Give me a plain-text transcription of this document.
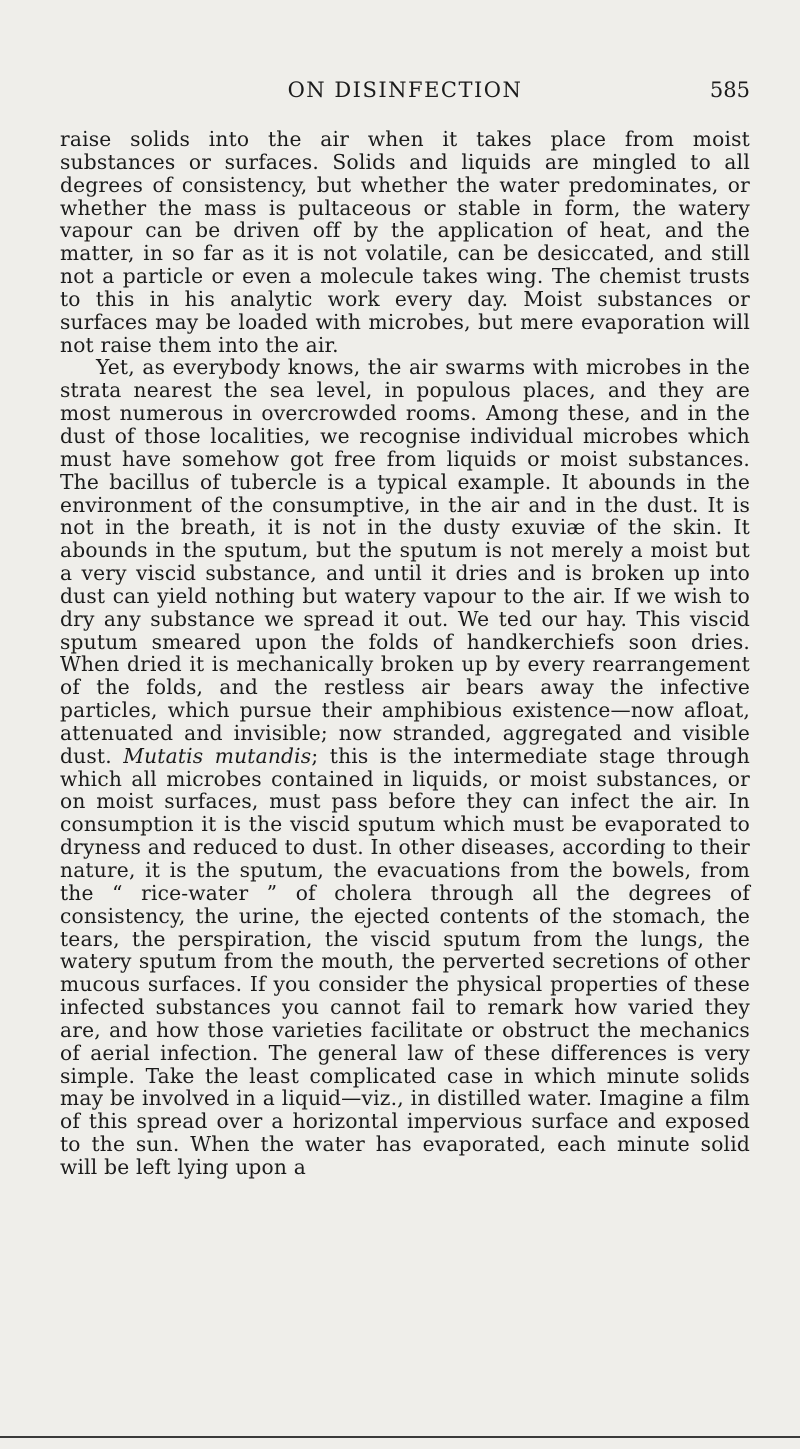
ON DISINFECTION	585

raise solids into the air when it takes place from moist substances or surfaces. Solids and liquids are mingled to all degrees of consistency, but whether the water predominates, or whether the mass is pultaceous or stable in form, the watery vapour can be driven off by the application of heat, and the matter, in so far as it is not volatile, can be desiccated, and still not a particle or even a molecule takes wing. The chemist trusts to this in his analytic work every day. Moist substances or surfaces may be loaded with microbes, but mere evaporation will not raise them into the air.

Yet, as everybody knows, the air swarms with microbes in the strata nearest the sea level, in populous places, and they are most numerous in overcrowded rooms. Among these, and in the dust of those localities, we recognise individual microbes which must have somehow got free from liquids or moist substances. The bacillus of tubercle is a typical example. It abounds in the environment of the consumptive, in the air and in the dust. It is not in the breath, it is not in the dusty exuviæ of the skin. It abounds in the sputum, but the sputum is not merely a moist but a very viscid substance, and until it dries and is broken up into dust can yield nothing but watery vapour to the air. If we wish to dry any substance we spread it out. We ted our hay. This viscid sputum smeared upon the folds of handkerchiefs soon dries. When dried it is mechanically broken up by every rearrangement of the folds, and the restless air bears away the infective particles, which pursue their amphibious existence—now afloat, attenuated and invisible; now stranded, aggregated and visible dust. Mutatis mutandis; this is the intermediate stage through which all microbes contained in liquids, or moist substances, or on moist surfaces, must pass before they can infect the air. In consumption it is the viscid sputum which must be evaporated to dryness and reduced to dust. In other diseases, according to their nature, it is the sputum, the evacuations from the bowels, from the “ rice-water ” of cholera through all the degrees of consistency, the urine, the ejected contents of the stomach, the tears, the perspiration, the viscid sputum from the lungs, the watery sputum from the mouth, the perverted secretions of other mucous surfaces. If you consider the physical properties of these infected substances you cannot fail to remark how varied they are, and how those varieties facilitate or obstruct the mechanics of aerial infection. The general law of these differences is very simple. Take the least complicated case in which minute solids may be involved in a liquid—viz., in distilled water. Imagine a film of this spread over a horizontal impervious surface and exposed to the sun. When the water has evaporated, each minute solid will be left lying upon a
